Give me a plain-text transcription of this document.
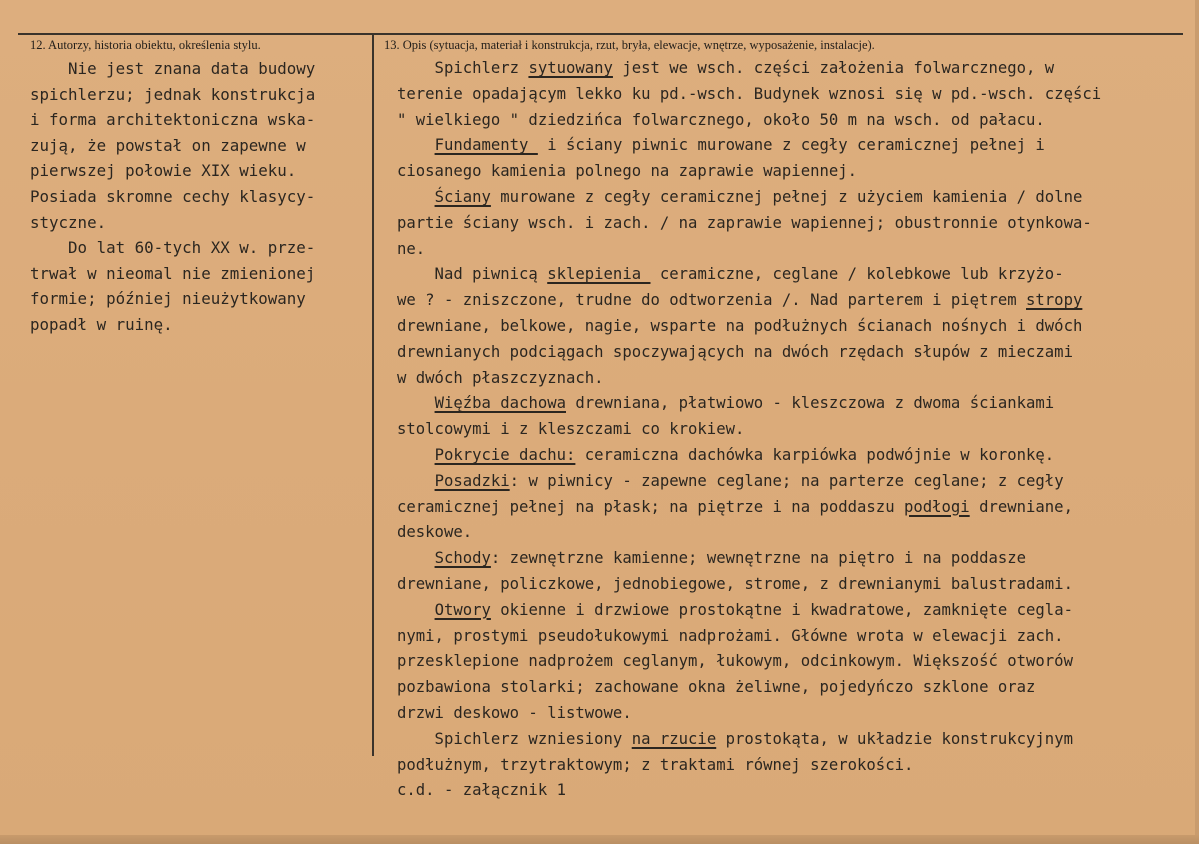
12. Autorzy, historia obiektu, określenia stylu.	13. Opis (sytuacja, materiał i konstrukcja, rzut, bryła, elewacje, wnętrze, wyposażenie, instalacje).
Nie jest znana data budowy
spichlerzu; jednak konstrukcja
i forma architektoniczna wska-
zują, że powstał on zapewne w
pierwszej połowie XIX wieku.
Posiada skromne cechy klasycy-
styczne.
Do lat 60-tych XX w. prze-
trwał w nieomal nie zmienionej
formie; później nieużytkowany
popadł w ruinę.
Spichlerz sytuowany jest we wsch. części założenia folwarcznego, w
terenie opadającym lekko ku pd.-wsch. Budynek wznosi się w pd.-wsch. części
" wielkiego " dziedzińca folwarcznego, około 50 m na wsch. od pałacu.
Fundamenty  i ściany piwnic murowane z cegły ceramicznej pełnej i
ciosanego kamienia polnego na zaprawie wapiennej.
Ściany murowane z cegły ceramicznej pełnej z użyciem kamienia / dolne
partie ściany wsch. i zach. / na zaprawie wapiennej; obustronnie otynkowa-
ne.
Nad piwnicą sklepienia  ceramiczne, ceglane / kolebkowe lub krzyżo-
we ? - zniszczone, trudne do odtworzenia /. Nad parterem i piętrem stropy
drewniane, belkowe, nagie, wsparte na podłużnych ścianach nośnych i dwóch
drewnianych podciągach spoczywających na dwóch rzędach słupów z mieczami
w dwóch płaszczyznach.
Więźba dachowa drewniana, płatwiowo - kleszczowa z dwoma ściankami
stolcowymi i z kleszczami co krokiew.
Pokrycie dachu: ceramiczna dachówka karpiówka podwójnie w koronkę.
Posadzki: w piwnicy - zapewne ceglane; na parterze ceglane; z cegły
ceramicznej pełnej na płask; na piętrze i na poddaszu podłogi drewniane,
deskowe.
Schody: zewnętrzne kamienne; wewnętrzne na piętro i na poddasze
drewniane, policzkowe, jednobiegowe, strome, z drewnianymi balustradami.
Otwory okienne i drzwiowe prostokątne i kwadratowe, zamknięte cegla-
nymi, prostymi pseudołukowymi nadprożami. Główne wrota w elewacji zach.
przesklepione nadprożem ceglanym, łukowym, odcinkowym. Większość otworów
pozbawiona stolarki; zachowane okna żeliwne, pojedyńczo szklone oraz
drzwi deskowo - listwowe.
Spichlerz wzniesiony na rzucie prostokąta, w układzie konstrukcyjnym
podłużnym, trzytraktowym; z traktami równej szerokości.
c.d. - załącznik 1
